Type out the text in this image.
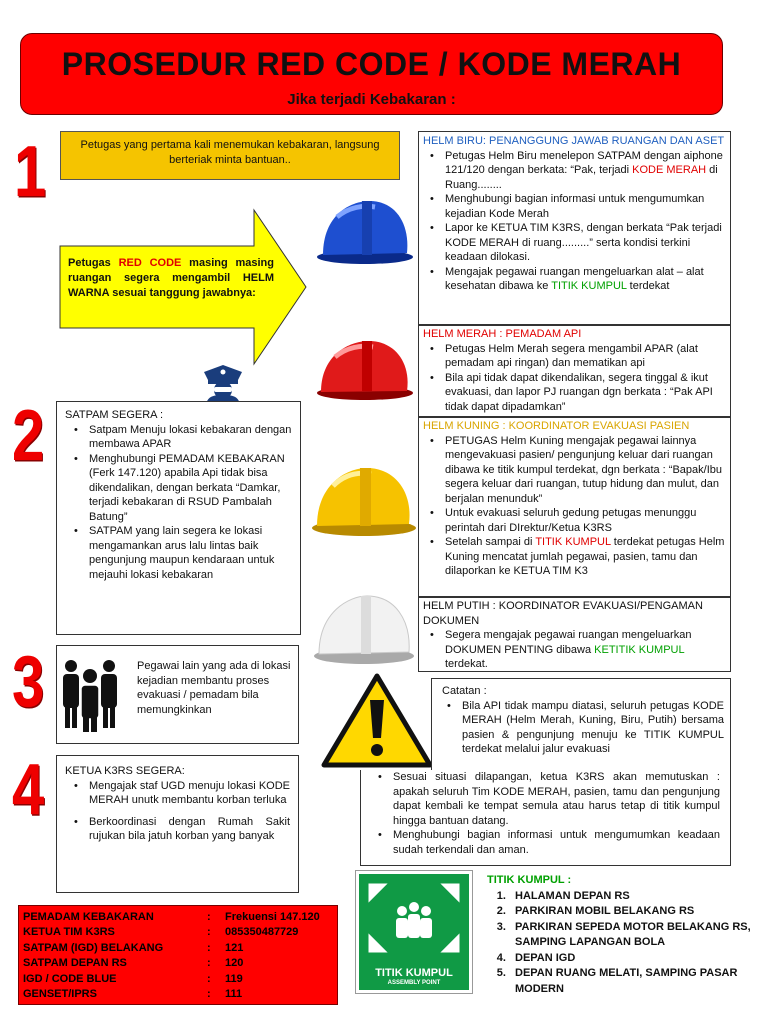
PROSEDUR RED CODE / KODE MERAH
Jika terjadi Kebakaran :
1
2
3
4
Petugas yang pertama kali menemukan kebakaran, langsung berteriak minta bantuan..
Petugas RED CODE masing masing ruangan segera mengambil HELM WARNA sesuai tanggung jawabnya:
HELM BIRU: PENANGGUNG JAWAB RUANGAN DAN ASET
• Petugas Helm Biru menelepon SATPAM dengan aiphone 121/120 dengan berkata: “Pak, terjadi KODE MERAH di Ruang........
• Menghubungi bagian informasi untuk mengumumkan kejadian Kode Merah
• Lapor ke KETUA TIM K3RS, dengan berkata “Pak terjadi KODE MERAH di ruang.........” serta kondisi terkini keadaan dilokasi.
• Mengajak pegawai ruangan mengeluarkan alat – alat kesehatan dibawa ke TITIK KUMPUL terdekat
HELM MERAH : PEMADAM API
• Petugas Helm Merah segera mengambil APAR (alat pemadam api ringan) dan mematikan api
• Bila api tidak dapat dikendalikan, segera tinggal & ikut evakuasi, dan lapor PJ ruangan dgn berkata : “Pak API tidak dapat dipadamkan”
HELM KUNING : KOORDINATOR EVAKUASI PASIEN
• PETUGAS Helm Kuning mengajak pegawai lainnya mengevakuasi pasien/ pengunjung keluar dari ruangan dibawa ke titik kumpul terdekat, dgn berkata : “Bapak/Ibu segera keluar dari ruangan, tutup hidung dan mulut, dan berjalan menunduk”
• Untuk evakuasi seluruh gedung petugas menunggu perintah dari DIrektur/Ketua K3RS
• Setelah sampai di TITIK KUMPUL terdekat petugas Helm Kuning mencatat jumlah pegawai, pasien, tamu dan dilaporkan ke KETUA TIM K3
HELM PUTIH : KOORDINATOR EVAKUASI/PENGAMAN DOKUMEN
• Segera mengajak pegawai ruangan mengeluarkan DOKUMEN PENTING dibawa KETITIK KUMPUL terdekat.
SATPAM SEGERA :
• Satpam Menuju lokasi kebakaran dengan membawa APAR
• Menghubungi PEMADAM KEBAKARAN (Ferk 147.120) apabila Api tidak bisa dikendalikan, dengan berkata “Damkar, terjadi kebakaran di RSUD Pambalah Batung”
• SATPAM yang lain segera ke lokasi mengamankan arus lalu lintas baik pengunjung maupun kendaraan untuk mejauhi lokasi kebakaran
Pegawai lain yang ada di lokasi kejadian membantu proses evakuasi / pemadam bila memungkinkan
Catatan :
• Bila API tidak mampu diatasi, seluruh petugas KODE MERAH (Helm Merah, Kuning, Biru, Putih) bersama pasien & pengunjung menuju ke TITIK KUMPUL terdekat melalui jalur evakuasi
• Sesuai situasi dilapangan, ketua K3RS akan memutuskan : apakah seluruh Tim KODE MERAH, pasien, tamu dan pengunjung dapat kembali ke tempat semula atau harus tetap di titik kumpul hingga bantuan datang.
• Menghubungi bagian informasi untuk mengumumkan keadaan sudah terkendali dan aman.
KETUA K3RS SEGERA:
• Mengajak staf UGD menuju lokasi KODE MERAH unutk membantu korban terluka
• Berkoordinasi dengan Rumah Sakit rujukan bila jatuh korban yang banyak
PEMADAM KEBAKARAN	:	Frekuensi 147.120
KETUA TIM K3RS	:	085350487729
SATPAM (IGD) BELAKANG	:	121
SATPAM DEPAN RS	:	120
IGD / CODE BLUE	:	119
GENSET/IPRS	:	111
TITIK KUMPUL
ASSEMBLY POINT
TITIK KUMPUL :
1. HALAMAN DEPAN RS
2. PARKIRAN MOBIL BELAKANG RS
3. PARKIRAN SEPEDA MOTOR BELAKANG RS, SAMPING LAPANGAN BOLA
4. DEPAN IGD
5. DEPAN RUANG MELATI, SAMPING PASAR MODERN
